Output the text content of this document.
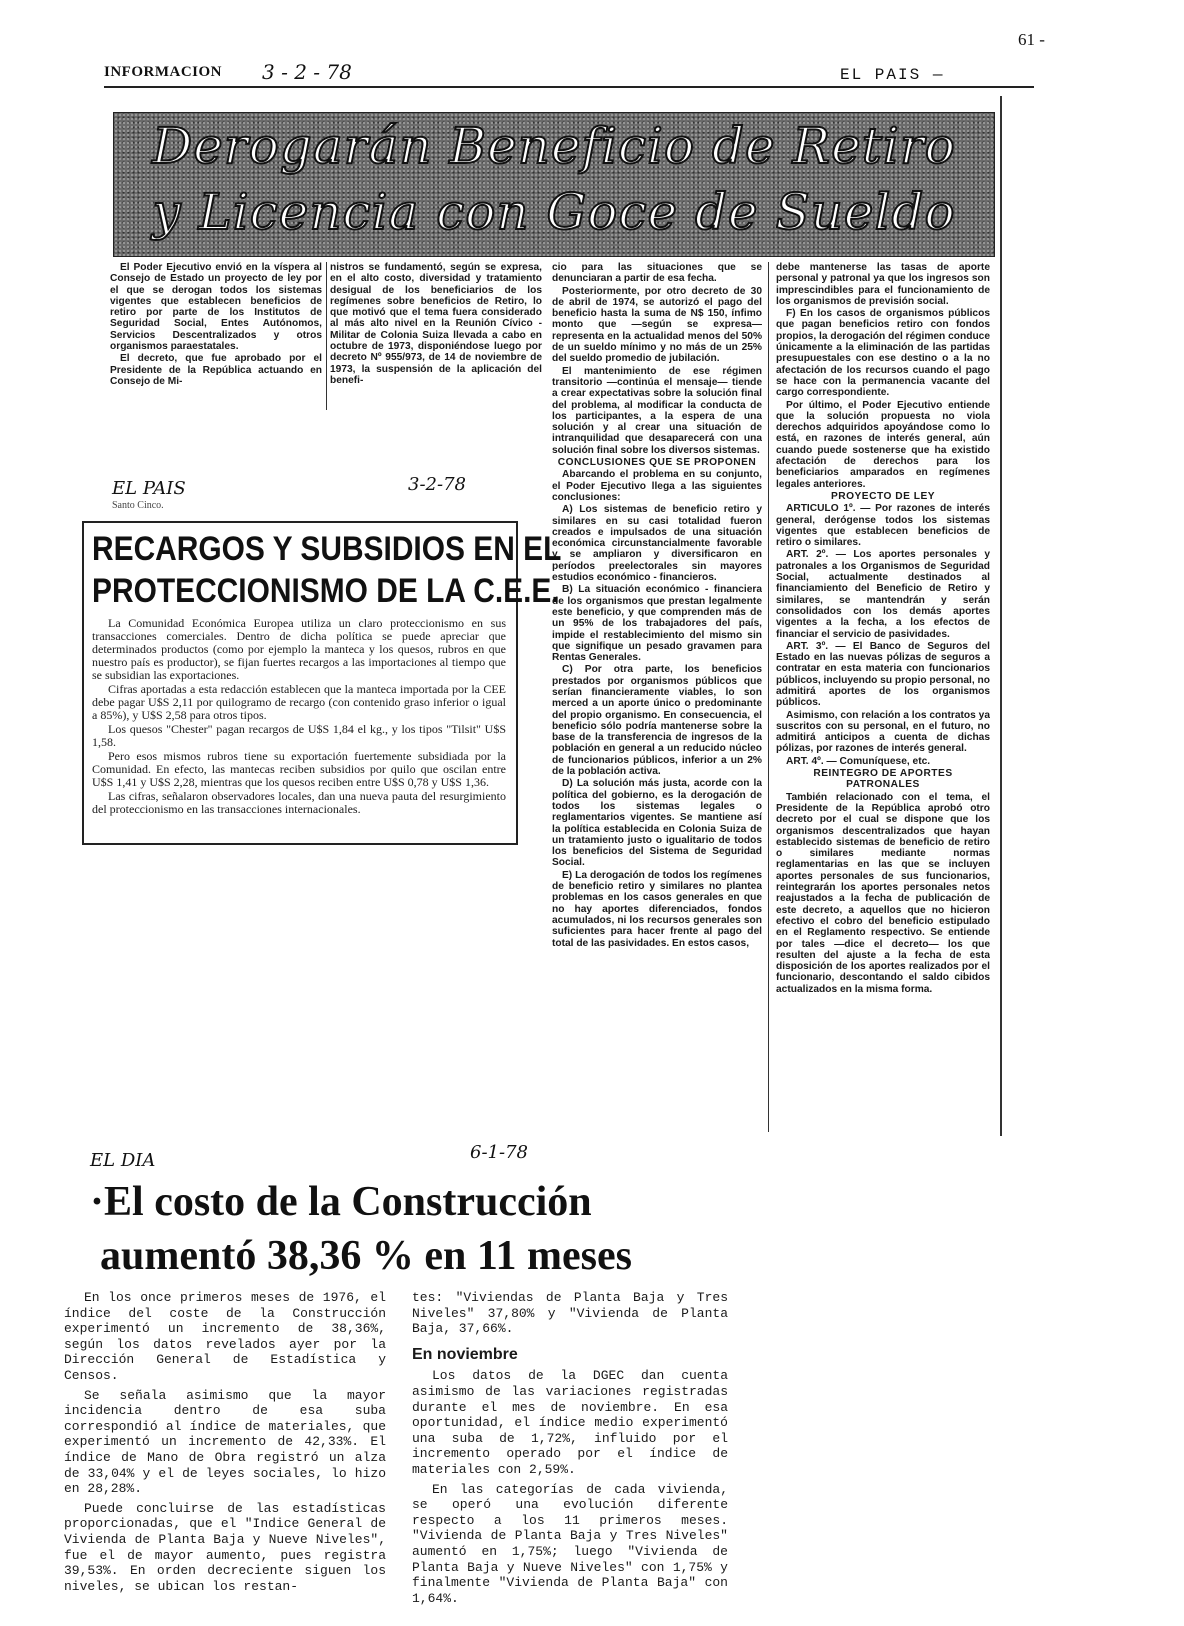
61 -
INFORMACION 3 - 2 - 78	EL PAIS —
Derogarán Beneficio de Retiro
y Licencia con Goce de Sueldo

El Poder Ejecutivo envió en la víspera al Consejo de Estado un proyecto de ley por el que se derogan todos los sistemas vigentes que establecen beneficios de retiro por parte de los Institutos de Seguridad Social, Entes Autónomos, Servicios Descentralizados y otros organismos paraestatales.

El decreto, que fue aprobado por el Presidente de la República actuando en Consejo de Mi-

nistros se fundamentó, según se expresa, en el alto costo, diversidad y tratamiento desigual de los beneficiarios de los regímenes sobre beneficios de Retiro, lo que motivó que el tema fuera considerado al más alto nivel en la Reunión Cívico - Militar de Colonia Suiza llevada a cabo en octubre de 1973, disponiéndose luego por decreto Nº 955/973, de 14 de noviembre de 1973, la suspensión de la aplicación del benefi-

cio para las situaciones que se denunciaran a partir de esa fecha.

Posteriormente, por otro decreto de 30 de abril de 1974, se autorizó el pago del beneficio hasta la suma de N$ 150, ínfimo monto que —según se expresa— representa en la actualidad menos del 50% de un sueldo mínimo y no más de un 25% del sueldo promedio de jubilación.

El mantenimiento de ese régimen transitorio —continúa el mensaje— tiende a crear expectativas sobre la solución final del problema, al modificar la conducta de los participantes, a la espera de una solución y al crear una situación de intranquilidad que desaparecerá con una solución final sobre los diversos sistemas.

CONCLUSIONES QUE SE PROPONEN

Abarcando el problema en su conjunto, el Poder Ejecutivo llega a las siguientes conclusiones:

A) Los sistemas de beneficio retiro y similares en su casi totalidad fueron creados e impulsados de una situación económica circunstancialmente favorable y se ampliaron y diversificaron en períodos preelectorales sin mayores estudios económico - financieros.

B) La situación económico - financiera de los organismos que prestan legalmente este beneficio, y que comprenden más de un 95% de los trabajadores del país, impide el restablecimiento del mismo sin que signifique un pesado gravamen para Rentas Generales.

C) Por otra parte, los beneficios prestados por organismos públicos que serían financieramente viables, lo son merced a un aporte único o predominante del propio organismo. En consecuencia, el beneficio sólo podría mantenerse sobre la base de la transferencia de ingresos de la población en general a un reducido núcleo de funcionarios públicos, inferior a un 2% de la población activa.

D) La solución más justa, acorde con la política del gobierno, es la derogación de todos los sistemas legales o reglamentarios vigentes. Se mantiene así la política establecida en Colonia Suiza de un tratamiento justo o igualitario de todos los beneficios del Sistema de Seguridad Social.

E) La derogación de todos los regímenes de beneficio retiro y similares no plantea problemas en los casos generales en que no hay aportes diferenciados, fondos acumulados, ni los recursos generales son suficientes para hacer frente al pago del total de las pasividades. En estos casos,

debe mantenerse las tasas de aporte personal y patronal ya que los ingresos son imprescindibles para el funcionamiento de los organismos de previsión social.

F) En los casos de organismos públicos que pagan beneficios retiro con fondos propios, la derogación del régimen conduce únicamente a la eliminación de las partidas presupuestales con ese destino o a la no afectación de los recursos cuando el pago se hace con la permanencia vacante del cargo correspondiente.

Por último, el Poder Ejecutivo entiende que la solución propuesta no viola derechos adquiridos apoyándose como lo está, en razones de interés general, aún cuando puede sostenerse que ha existido afectación de derechos para los beneficiarios amparados en regímenes legales anteriores.

PROYECTO DE LEY

ARTICULO 1º. — Por razones de interés general, derógense todos los sistemas vigentes que establecen beneficios de retiro o similares.

ART. 2º. — Los aportes personales y patronales a los Organismos de Seguridad Social, actualmente destinados al financiamiento del Beneficio de Retiro y similares, se mantendrán y serán consolidados con los demás aportes vigentes a la fecha, a los efectos de financiar el servicio de pasividades.

ART. 3º. — El Banco de Seguros del Estado en las nuevas pólizas de seguros a contratar en esta materia con funcionarios públicos, incluyendo su propio personal, no admitirá aportes de los organismos públicos.

Asimismo, con relación a los contratos ya suscritos con su personal, en el futuro, no admitirá anticipos a cuenta de dichas pólizas, por razones de interés general.

ART. 4º. — Comuníquese, etc.

REINTEGRO DE APORTES PATRONALES

También relacionado con el tema, el Presidente de la República aprobó otro decreto por el cual se dispone que los organismos descentralizados que hayan establecido sistemas de beneficio de retiro o similares mediante normas reglamentarias en las que se incluyen aportes personales de sus funcionarios, reintegrarán los aportes personales netos reajustados a la fecha de publicación de este decreto, a aquellos que no hicieron efectivo el cobro del beneficio estipulado en el Reglamento respectivo. Se entiende por tales —dice el decreto— los que resulten del ajuste a la fecha de esta disposición de los aportes realizados por el funcionario, descontando el saldo cibidos actualizados en la misma forma.

EL PAIS	3-2-78
Santo Cinco.
RECARGOS Y SUBSIDIOS EN EL
PROTECCIONISMO DE LA C.E.E.

La Comunidad Económica Europea utiliza un claro proteccionismo en sus transacciones comerciales. Dentro de dicha política se puede apreciar que determinados productos (como por ejemplo la manteca y los quesos, rubros en que nuestro país es productor), se fijan fuertes recargos a las importaciones al tiempo que se subsidian las exportaciones.

Cifras aportadas a esta redacción establecen que la manteca importada por la CEE debe pagar U$S 2,11 por quilogramo de recargo (con contenido graso inferior o igual a 85%), y U$S 2,58 para otros tipos.

Los quesos "Chester" pagan recargos de U$S 1,84 el kg., y los tipos "Tilsit" U$S 1,58.

Pero esos mismos rubros tiene su exportación fuertemente subsidiada por la Comunidad. En efecto, las mantecas reciben subsidios por quilo que oscilan entre U$S 1,41 y U$S 2,28, mientras que los quesos reciben entre U$S 0,78 y U$S 1,36.

Las cifras, señalaron observadores locales, dan una nueva pauta del resurgimiento del proteccionismo en las transacciones internacionales.

EL DIA	6-1-78
·El costo de la Construcción
aumentó 38,36 % en 11 meses

En los once primeros meses de 1976, el índice del coste de la Construcción experimentó un incremento de 38,36%, según los datos revelados ayer por la Dirección General de Estadística y Censos.

Se señala asimismo que la mayor incidencia dentro de esa suba correspondió al índice de materiales, que experimentó un incremento de 42,33%. El índice de Mano de Obra registró un alza de 33,04% y el de leyes sociales, lo hizo en 28,28%.

Puede concluirse de las estadísticas proporcionadas, que el "Indice General de Vivienda de Planta Baja y Nueve Niveles", fue el de mayor aumento, pues registra 39,53%. En orden decreciente siguen los niveles, se ubican los restan-

tes: "Viviendas de Planta Baja y Tres Niveles" 37,80% y "Vivienda de Planta Baja, 37,66%.

En noviembre

Los datos de la DGEC dan cuenta asimismo de las variaciones registradas durante el mes de noviembre. En esa oportunidad, el índice medio experimentó una suba de 1,72%, influido por el incremento operado por el índice de materiales con 2,59%.

En las categorías de cada vivienda, se operó una evolución diferente respecto a los 11 primeros meses. "Vivienda de Planta Baja y Tres Niveles" aumentó en 1,75%; luego "Vivienda de Planta Baja y Nueve Niveles" con 1,75% y finalmente "Vivienda de Planta Baja" con 1,64%.
